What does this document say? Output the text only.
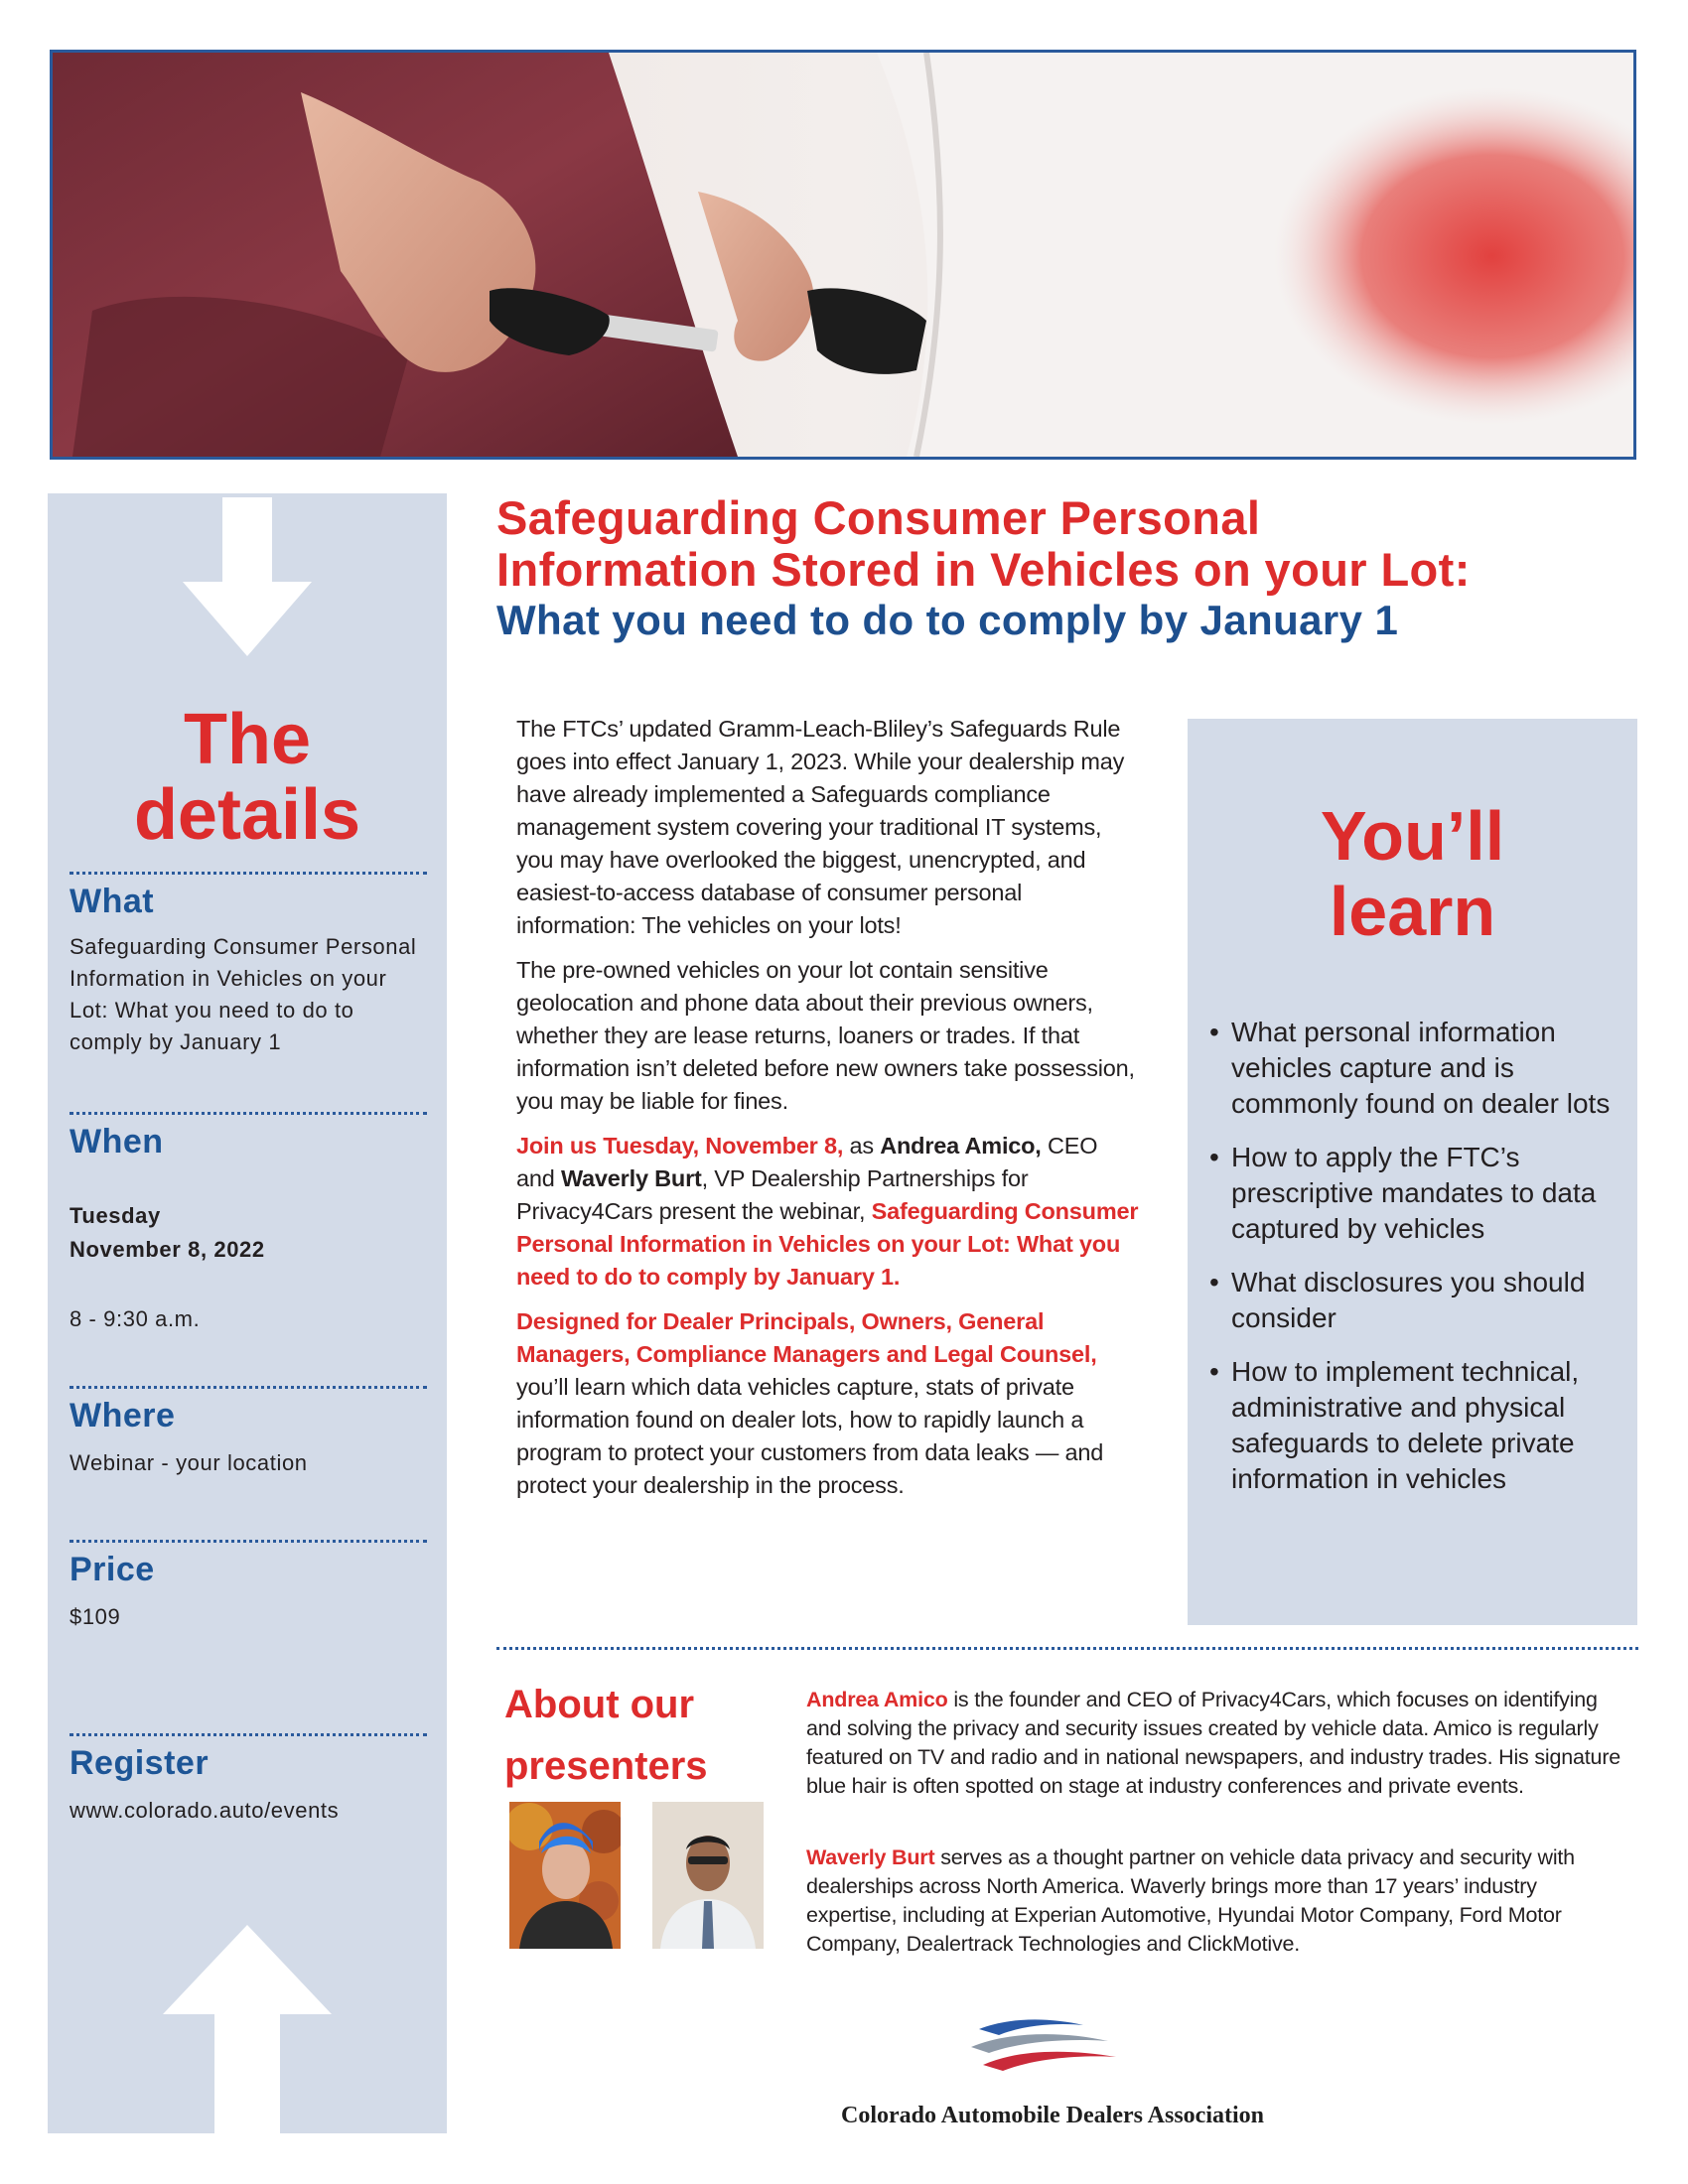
The
details
What
Safeguarding Consumer Personal Information in Vehicles on your Lot: What you need to do to comply by January 1
When
Tuesday
November 8, 2022
8 - 9:30 a.m.
Where
Webinar - your location
Price
$109
Register
www.colorado.auto/events
Safeguarding Consumer Personal
Information Stored in Vehicles on your Lot:
What you need to do to comply by January 1

The FTCs’ updated Gramm-Leach-Bliley’s Safeguards Rule goes into effect January 1, 2023. While your dealership may have already implemented a Safeguards compliance management system covering your traditional IT systems, you may have overlooked the biggest, unencrypted, and easiest-to-access database of consumer personal information: The vehicles on your lots!

The pre-owned vehicles on your lot contain sensitive geolocation and phone data about their previous owners, whether they are lease returns, loaners or trades. If that information isn’t deleted before new owners take possession, you may be liable for fines.

Join us Tuesday, November 8, as Andrea Amico, CEO and Waverly Burt, VP Dealership Partnerships for Privacy4Cars present the webinar, Safeguarding Consumer Personal Information in Vehicles on your Lot: What you need to do to comply by January 1.

Designed for Dealer Principals, Owners, General Managers, Compliance Managers and Legal Counsel, you’ll learn which data vehicles capture, stats of private information found on dealer lots, how to rapidly launch a program to protect your customers from data leaks — and protect your dealership in the process.

You’ll
learn
• What personal information vehicles capture and is commonly found on dealer lots
• How to apply the FTC’s prescriptive mandates to data captured by vehicles
• What disclosures you should consider
• How to implement technical, administrative and physical safeguards to delete private information in vehicles
About our
presenters
Andrea Amico is the founder and CEO of Privacy4Cars, which focuses on identifying and solving the privacy and security issues created by vehicle data. Amico is regularly featured on TV and radio and in national newspapers, and industry trades. His signature blue hair is often spotted on stage at industry conferences and private events.
Waverly Burt serves as a thought partner on vehicle data privacy and security with dealerships across North America. Waverly brings more than 17 years’ industry expertise, including at Experian Automotive, Hyundai Motor Company, Ford Motor Company, Dealertrack Technologies and ClickMotive.
Colorado Automobile Dealers Association
